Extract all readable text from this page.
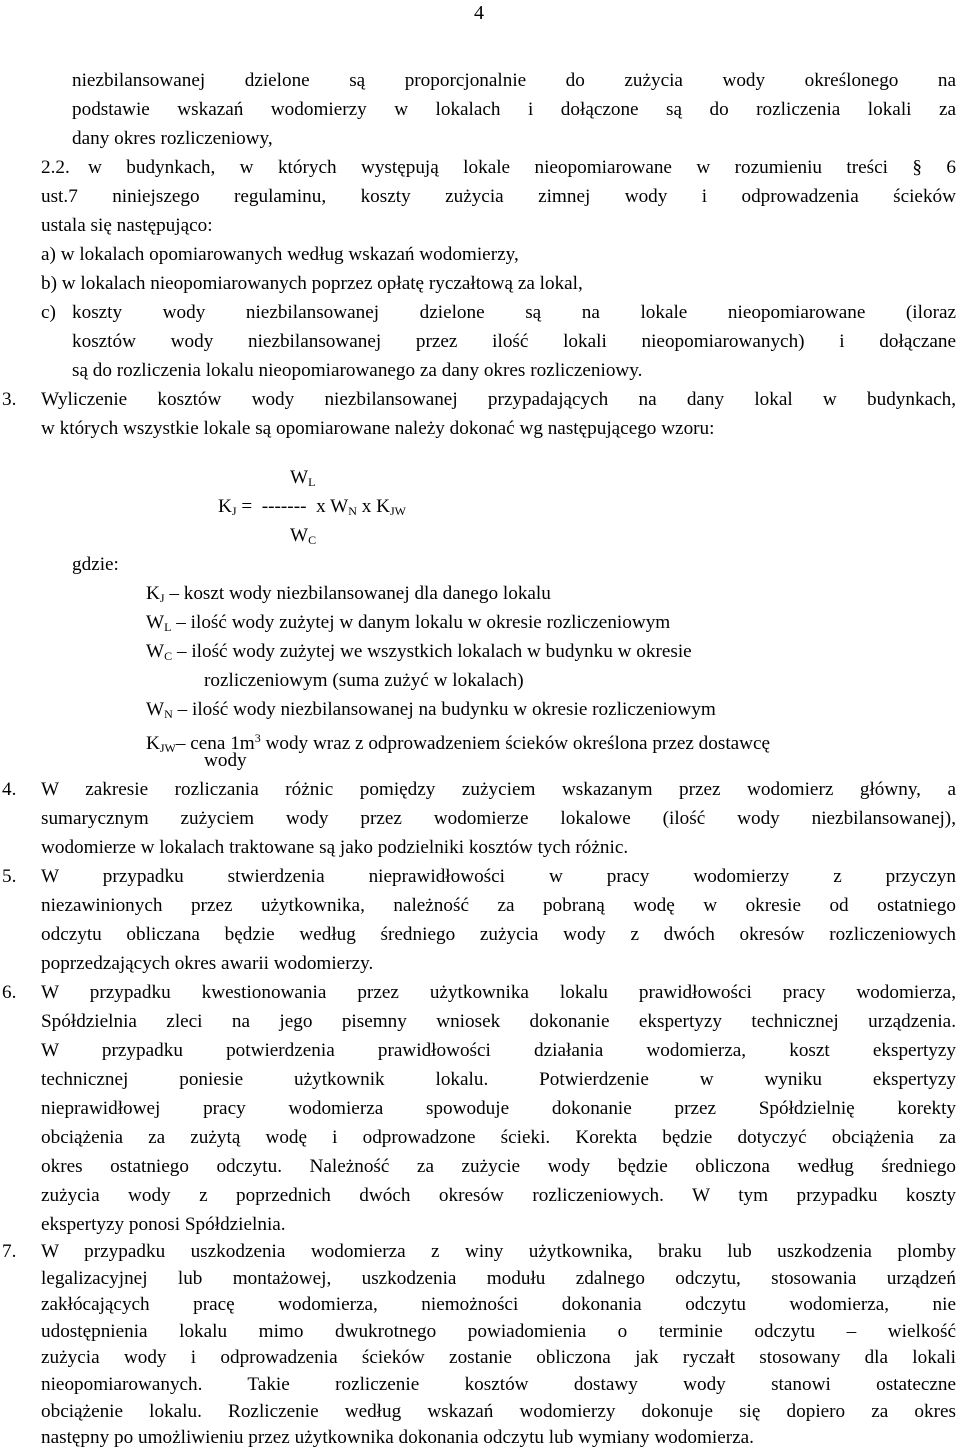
4

niezbilansowanej dzielone są proporcjonalnie do zużycia wody określonego na

podstawie wskazań wodomierzy w lokalach i dołączone są do rozliczenia lokali za

dany okres rozliczeniowy,

2.2. w budynkach, w których występują lokale nieopomiarowane w rozumieniu treści § 6

ust.7 niniejszego regulaminu, koszty zużycia zimnej wody i odprowadzenia ścieków

ustala się następująco:

a) w lokalach opomiarowanych według wskazań wodomierzy,
b) w lokalach nieopomiarowanych poprzez opłatę ryczałtową za lokal,
c) koszty wody niezbilansowanej dzielone są na lokale nieopomiarowane (iloraz

kosztów wody niezbilansowanej przez ilość lokali nieopomiarowanych) i dołączane

są do rozliczenia lokalu nieopomiarowanego za dany okres rozliczeniowy.

3.	Wyliczenie kosztów wody niezbilansowanej przypadających na dany lokal w budynkach,

w których wszystkie lokale są opomiarowane należy dokonać wg następującego wzoru:

$W_L$
$K_J$ =  -------  x $W_N$ x $K_{JW}$
$W_C$
gdzie:
$K_J$ – koszt wody niezbilansowanej dla danego lokalu
$W_L$ – ilość wody zużytej w danym lokalu w okresie rozliczeniowym
$W_C$ – ilość wody zużytej we wszystkich lokalach w budynku w okresie
rozliczeniowym (suma zużyć w lokalach)
$W_N$ – ilość wody niezbilansowanej na budynku w okresie rozliczeniowym
$K_{JW}-$ cena $1m^3$ wody wraz z odprowadzeniem ścieków określona przez dostawcę
wody
4.	W zakresie rozliczania różnic pomiędzy zużyciem wskazanym przez wodomierz główny, a

sumarycznym zużyciem wody przez wodomierze lokalowe (ilość wody niezbilansowanej),

wodomierze w lokalach traktowane są jako podzielniki kosztów tych różnic.

5.	W przypadku stwierdzenia nieprawidłowości w pracy wodomierzy z przyczyn

niezawinionych przez użytkownika, należność za pobraną wodę w okresie od ostatniego

odczytu obliczana będzie według średniego zużycia wody z dwóch okresów rozliczeniowych

poprzedzających okres awarii wodomierzy.

6.	W przypadku kwestionowania przez użytkownika lokalu prawidłowości pracy wodomierza,

Spółdzielnia zleci na jego pisemny wniosek dokonanie ekspertyzy technicznej urządzenia.

W przypadku potwierdzenia prawidłowości działania wodomierza, koszt ekspertyzy

technicznej poniesie użytkownik lokalu. Potwierdzenie w wyniku ekspertyzy

nieprawidłowej pracy wodomierza spowoduje dokonanie przez Spółdzielnię korekty

obciążenia za zużytą wodę i odprowadzone ścieki. Korekta będzie dotyczyć obciążenia za

okres ostatniego odczytu. Należność za zużycie wody będzie obliczona według średniego

zużycia wody z poprzednich dwóch okresów rozliczeniowych. W tym przypadku koszty

ekspertyzy ponosi Spółdzielnia.

7.	W przypadku uszkodzenia wodomierza z winy użytkownika, braku lub uszkodzenia plomby

legalizacyjnej lub montażowej, uszkodzenia modułu zdalnego odczytu, stosowania urządzeń

zakłócających pracę wodomierza, niemożności dokonania odczytu wodomierza, nie

udostępnienia lokalu mimo dwukrotnego powiadomienia o terminie odczytu – wielkość

zużycia wody i odprowadzenia ścieków zostanie obliczona jak ryczałt stosowany dla lokali

nieopomiarowanych. Takie rozliczenie kosztów dostawy wody stanowi ostateczne

obciążenie lokalu. Rozliczenie według wskazań wodomierzy dokonuje się dopiero za okres

następny po umożliwieniu przez użytkownika dokonania odczytu lub wymiany wodomierza.
